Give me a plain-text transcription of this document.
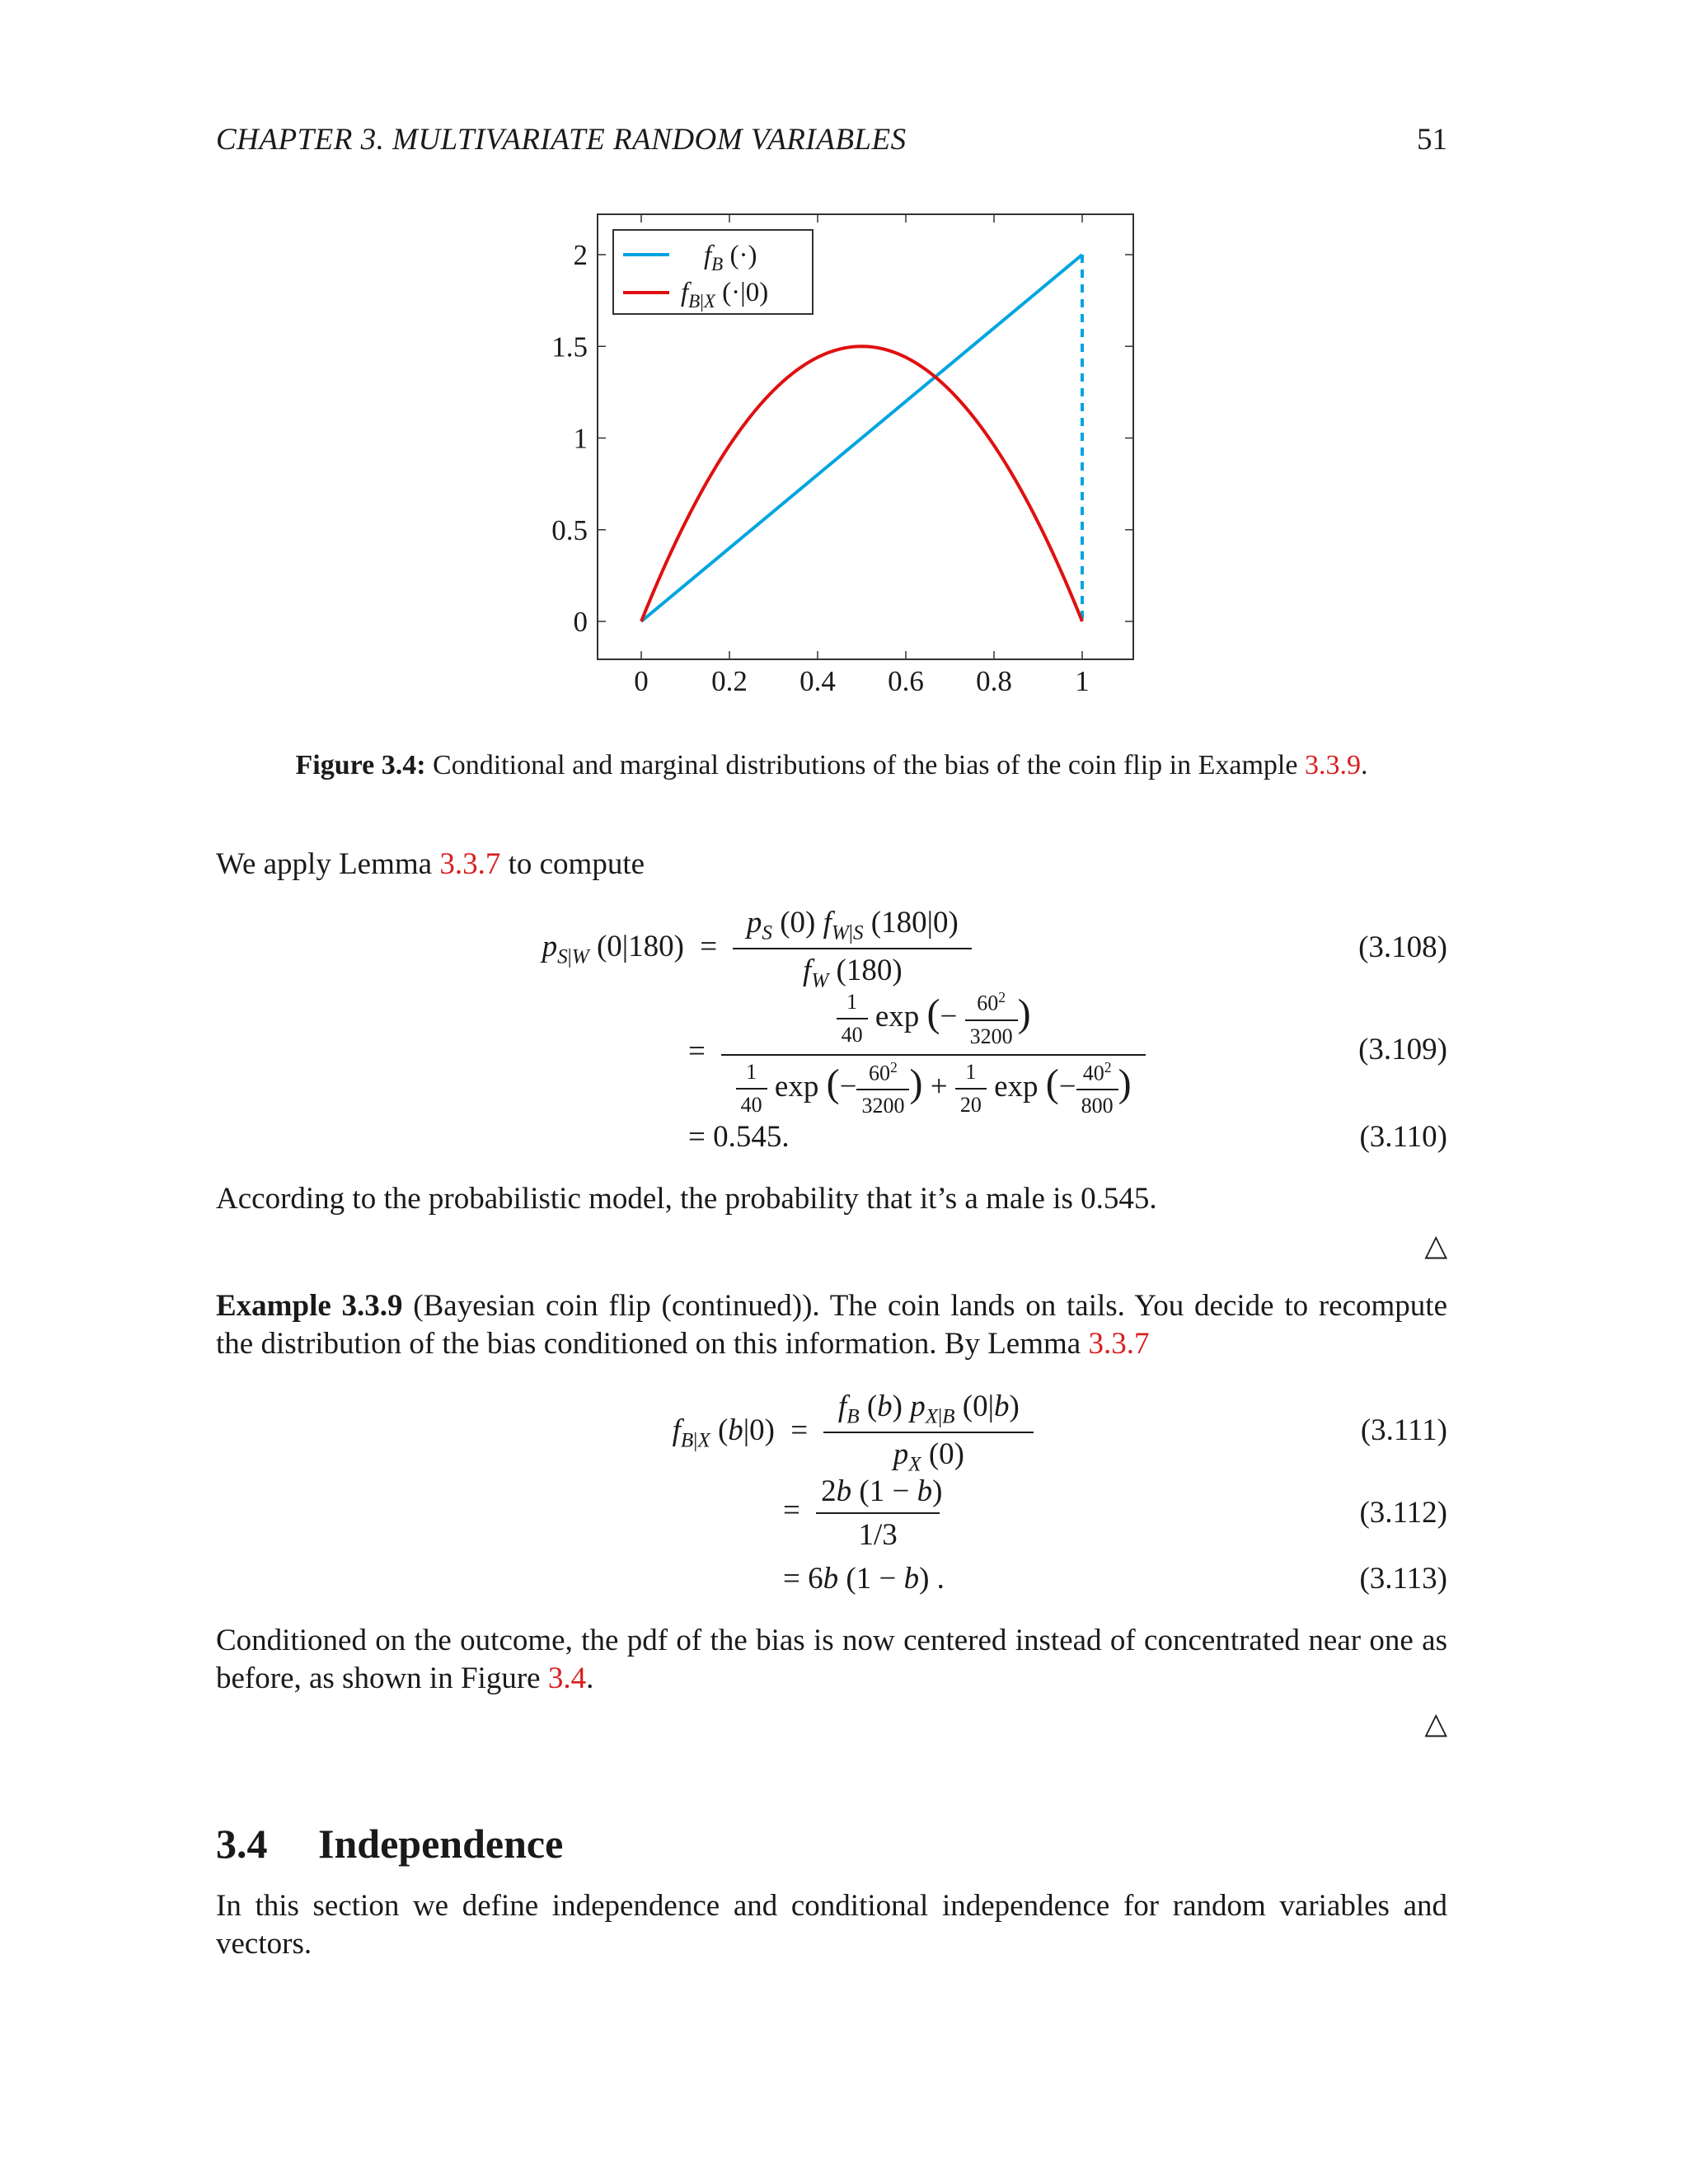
CHAPTER 3. MULTIVARIATE RANDOM VARIABLES	51
0 0.2 0.4 0.6 0.8 1
0
0.5
1
1.5
2	$f_B$ (·)
$f_{B|X}$ (·|0)
Figure 3.4: Conditional and marginal distributions of the bias of the coin flip in Example 3.3.9.
We apply Lemma 3.3.7 to compute
$p_{S|W}$ $(0|180) = \frac{p_S (0) f_{W|S} (180|0)}{f_W (180)}$	(3.108)
= $\frac{\frac{1}{40} \exp (- \frac{60^2}{3200} )}{\frac{1}{40} \exp (- \frac{60^2}{3200} ) + \frac{1}{20} \exp (- \frac{40^2}{800} )}$	(3.109)
= 0.545.	(3.110)
According to the probabilistic model, the probability that it’s a male is 0.545.
△
Example 3.3.9 (Bayesian coin flip (continued)). The coin lands on tails. You decide to recompute the distribution of the bias conditioned on this information. By Lemma 3.3.7
$f_{B|X}$ $(b|0) = \frac{f_B (b) p_{X|B} (0|b)}{p_X (0)}$	(3.111)
= $\frac{2b (1 - b)}{1/3}$	(3.112)
= 6b (1 − b) .	(3.113)
Conditioned on the outcome, the pdf of the bias is now centered instead of concentrated near one as before, as shown in Figure 3.4.
△
3.4 Independence
In this section we define independence and conditional independence for random variables and vectors.
